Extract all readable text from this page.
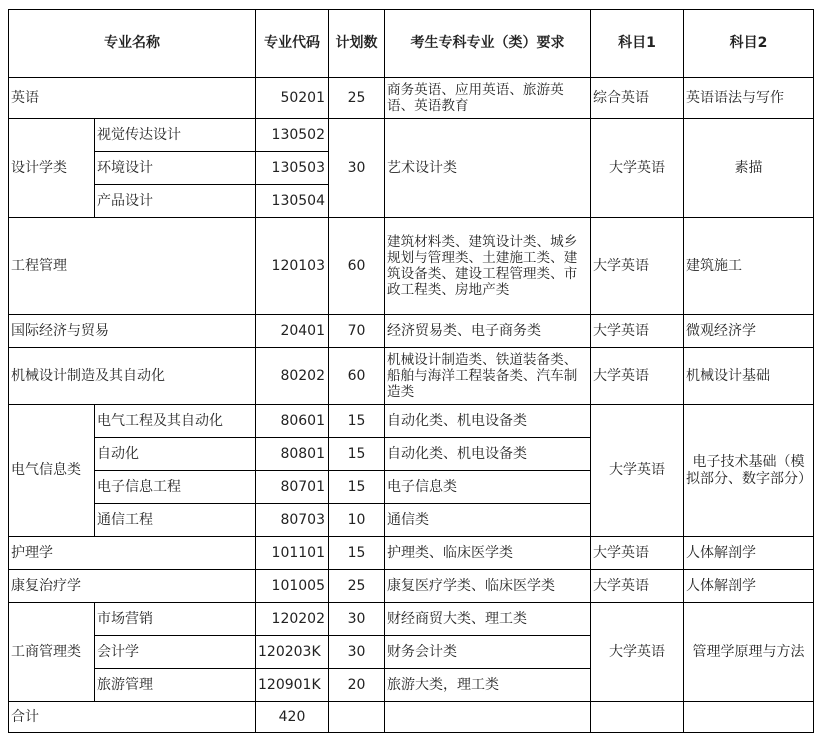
专业名称		专业代码	计划数	考生专科专业（类）要求	科目1	科目2
英语		50201	25	商务英语、应用英语、旅游英语、英语教育	综合英语	英语语法与写作
设计学类	视觉传达设计	130502	30	艺术设计类	大学英语	素描
	环境设计	130503				
	产品设计	130504				
工程管理		120103	60	建筑材料类、建筑设计类、城乡规划与管理类、土建施工类、建筑设备类、建设工程管理类、市政工程类、房地产类	大学英语	建筑施工
国际经济与贸易		20401	70	经济贸易类、电子商务类	大学英语	微观经济学
机械设计制造及其自动化		80202	60	机械设计制造类、铁道装备类、船舶与海洋工程装备类、汽车制造类	大学英语	机械设计基础
电气信息类	电气工程及其自动化	80601	15	自动化类、机电设备类	大学英语	电子技术基础（模拟部分、数字部分）
	自动化	80801	15	自动化类、机电设备类		
	电子信息工程	80701	15	电子信息类		
	通信工程	80703	10	通信类		
护理学		101101	15	护理类、临床医学类	大学英语	人体解剖学
康复治疗学		101005	25	康复医疗学类、临床医学类	大学英语	人体解剖学
工商管理类	市场营销	120202	30	财经商贸大类、理工类	大学英语	管理学原理与方法
	会计学	120203K	30	财务会计类		
	旅游管理	120901K	20	旅游大类，理工类		
合计		420				
